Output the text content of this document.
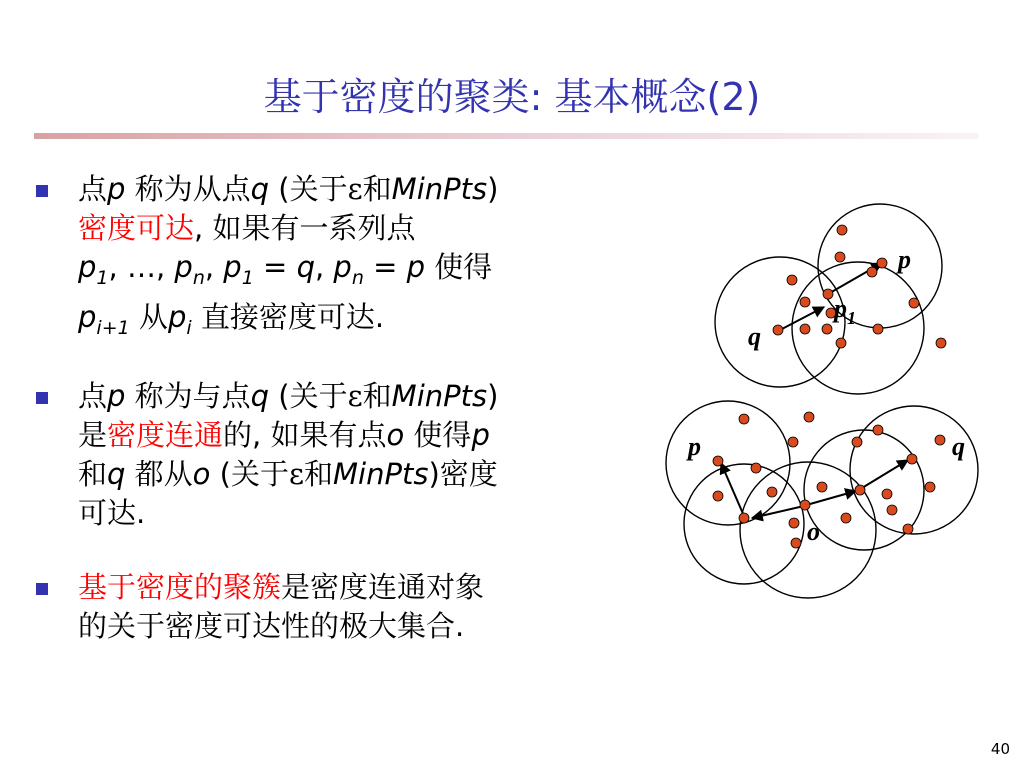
基于密度的聚类: 基本概念(2)
点p 称为从点q (关于ε和MinPts)
密度可达, 如果有一系列点
$p_1$, …, $p_n$, $p_1 = q$, $p_n = p$ 使得
$p_{i+1}$ 从$p_i$ 直接密度可达.
点p 称为与点q (关于ε和MinPts)
是密度连通的, 如果有点o 使得p
和q 都从o (关于ε和MinPts)密度
可达.
基于密度的聚簇是密度连通对象
的关于密度可达性的极大集合.
p
$p_1$
q
p	q
o
40
